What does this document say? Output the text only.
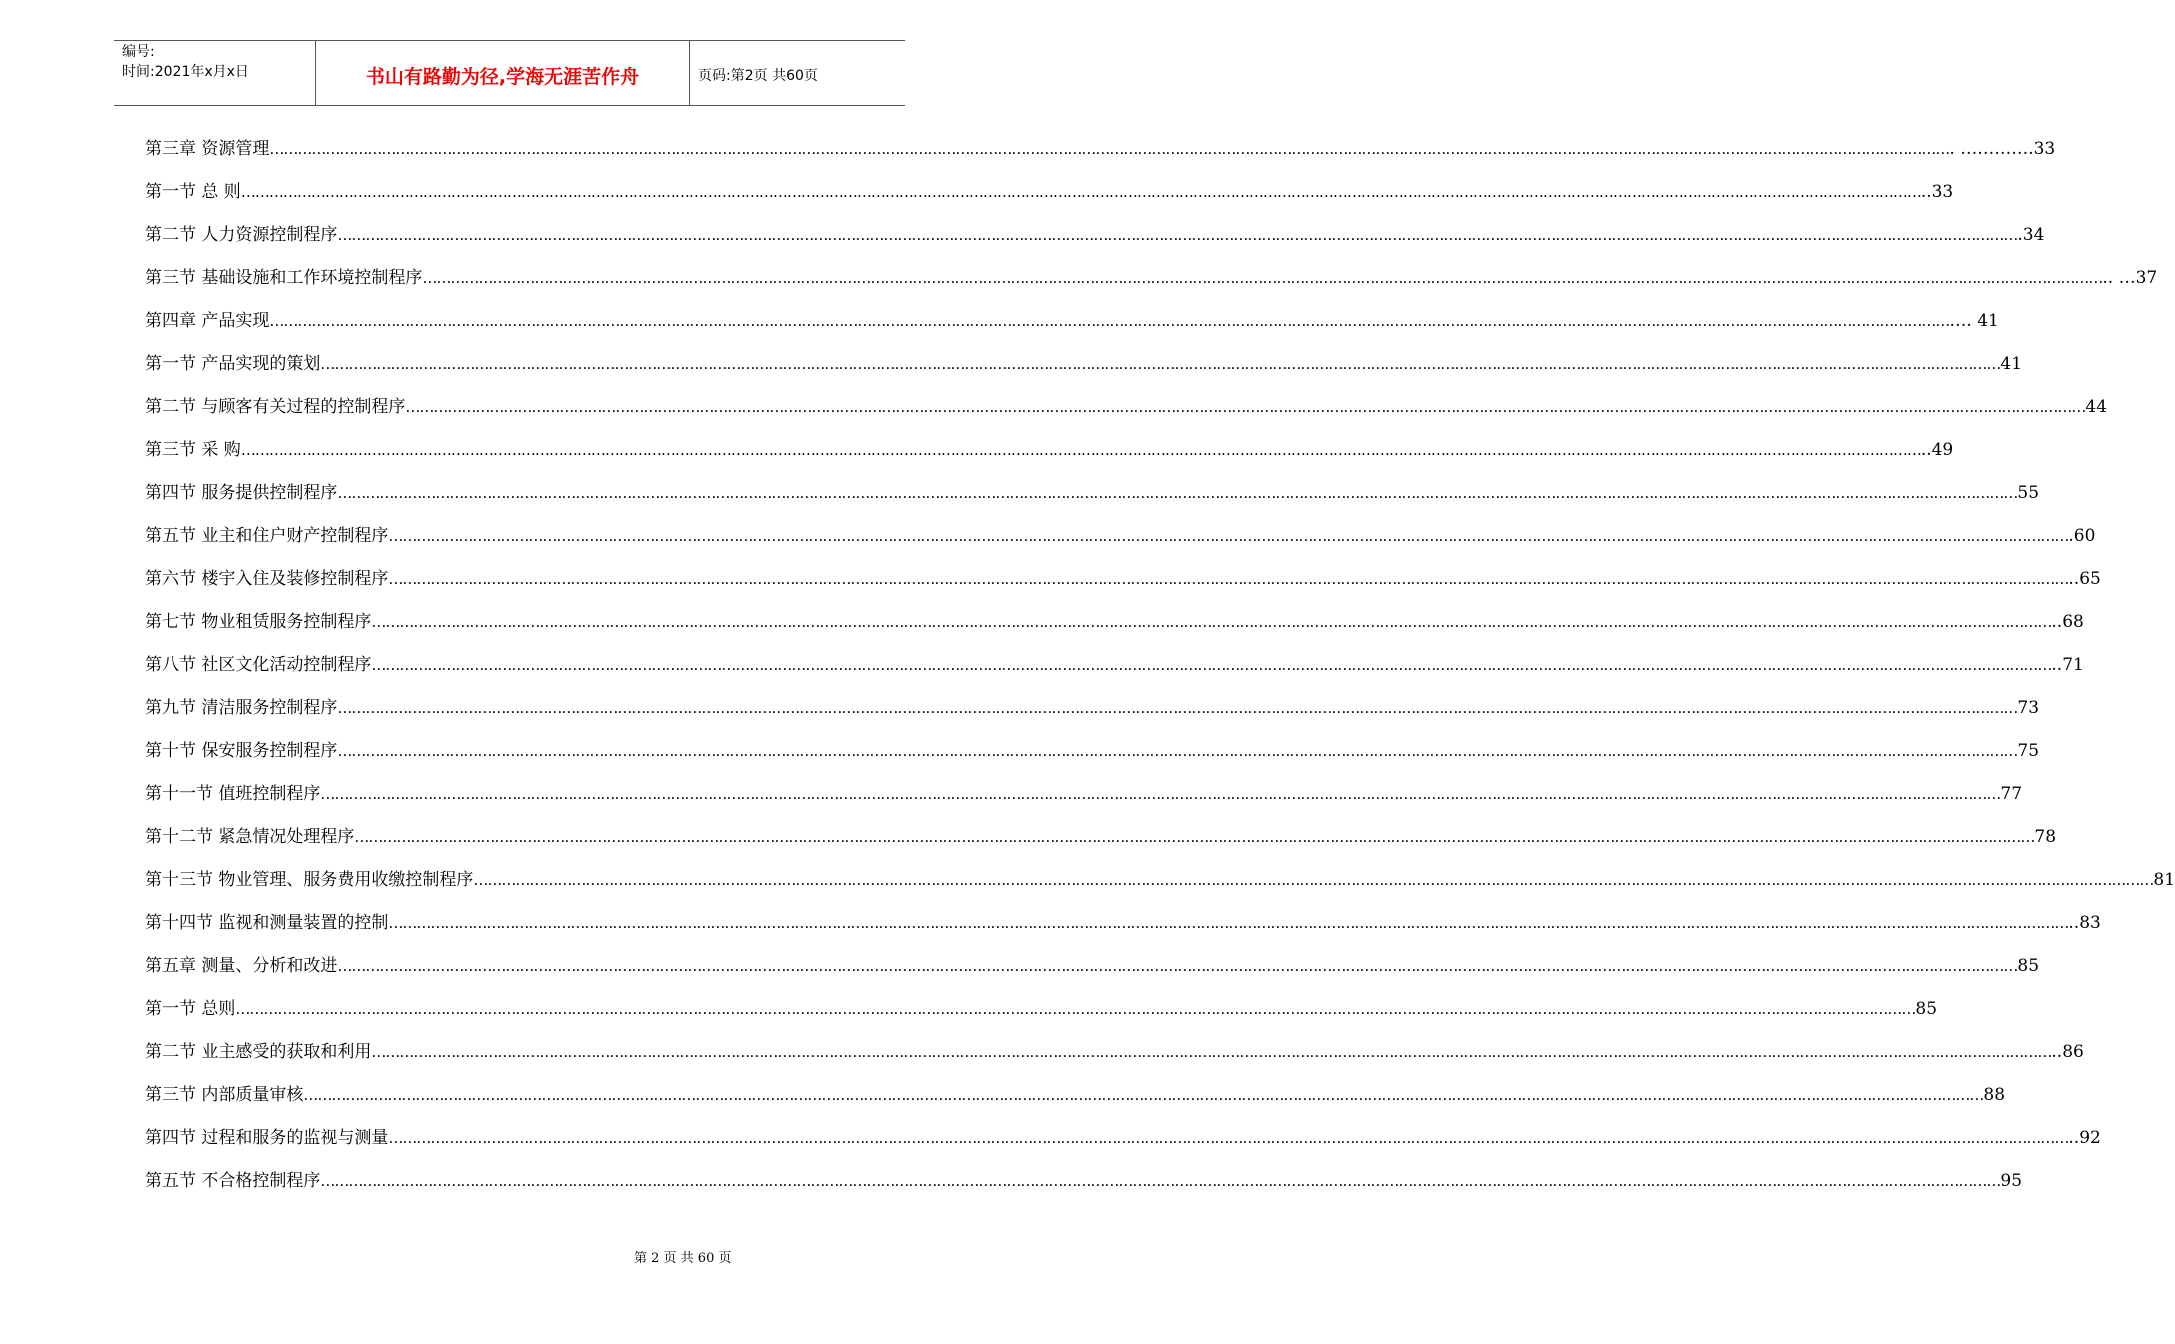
编号:
时间:2021年x月x日	书山有路勤为径,学海无涯苦作舟	页码:第2页 共60页
第三章 资源管理 ……………………………………………………………………………………………………………………………………………………………………………………………………………………………………………………………………………………………………………………………… . ………….33
第一节 总 则 ……………………………………………………………………………………………………………………………………………………………………………………………………………………………………………………………………………………………………………………………… ..33
第二节 人力资源控制程序 ……………………………………………………………………………………………………………………………………………………………………………………………………………………………………………………………………………………………………………………………… .34
第三节 基础设施和工作环境控制程序 ……………………………………………………………………………………………………………………………………………………………………………………………………………………………………………………………………………………………………………………………… .. …37
第四章 产品实现 ……………………………………………………………………………………………………………………………………………………………………………………………………………………………………………………………………………………………………………………………… …. 41
第一节 产品实现的策划 ……………………………………………………………………………………………………………………………………………………………………………………………………………………………………………………………………………………………………………………………… 41
第二节 与顾客有关过程的控制程序 ……………………………………………………………………………………………………………………………………………………………………………………………………………………………………………………………………………………………………………………………… 44
第三节 采 购 ……………………………………………………………………………………………………………………………………………………………………………………………………………………………………………………………………………………………………………………………… ..49
第四节 服务提供控制程序 ……………………………………………………………………………………………………………………………………………………………………………………………………………………………………………………………………………………………………………………………… 55
第五节 业主和住户财产控制程序 ……………………………………………………………………………………………………………………………………………………………………………………………………………………………………………………………………………………………………………………………… .60
第六节 楼宇入住及装修控制程序 ……………………………………………………………………………………………………………………………………………………………………………………………………………………………………………………………………………………………………………………………… ..65
第七节 物业租赁服务控制程序 ……………………………………………………………………………………………………………………………………………………………………………………………………………………………………………………………………………………………………………………………… ..68
第八节 社区文化活动控制程序 ……………………………………………………………………………………………………………………………………………………………………………………………………………………………………………………………………………………………………………………………… ..71
第九节 清洁服务控制程序 ……………………………………………………………………………………………………………………………………………………………………………………………………………………………………………………………………………………………………………………………… 73
第十节 保安服务控制程序 ……………………………………………………………………………………………………………………………………………………………………………………………………………………………………………………………………………………………………………………………… 75
第十一节 值班控制程序 ……………………………………………………………………………………………………………………………………………………………………………………………………………………………………………………………………………………………………………………………… 77
第十二节 紧急情况处理程序 ……………………………………………………………………………………………………………………………………………………………………………………………………………………………………………………………………………………………………………………………… 78
第十三节 物业管理、服务费用收缴控制程序 ……………………………………………………………………………………………………………………………………………………………………………………………………………………………………………………………………………………………………………………………… 81
第十四节 监视和测量装置的控制 ……………………………………………………………………………………………………………………………………………………………………………………………………………………………………………………………………………………………………………………………… ..83
第五章 测量、分析和改进 ……………………………………………………………………………………………………………………………………………………………………………………………………………………………………………………………………………………………………………………………… 85
第一节 总则 ……………………………………………………………………………………………………………………………………………………………………………………………………………………………………………………………………………………………………………………………… 85
第二节 业主感受的获取和利用 ……………………………………………………………………………………………………………………………………………………………………………………………………………………………………………………………………………………………………………………………… ..86
第三节 内部质量审核 ……………………………………………………………………………………………………………………………………………………………………………………………………………………………………………………………………………………………………………………………… 88
第四节 过程和服务的监视与测量 ……………………………………………………………………………………………………………………………………………………………………………………………………………………………………………………………………………………………………………………………… ..92
第五节 不合格控制程序 ……………………………………………………………………………………………………………………………………………………………………………………………………………………………………………………………………………………………………………………………… 95
第 2 页 共 60 页
